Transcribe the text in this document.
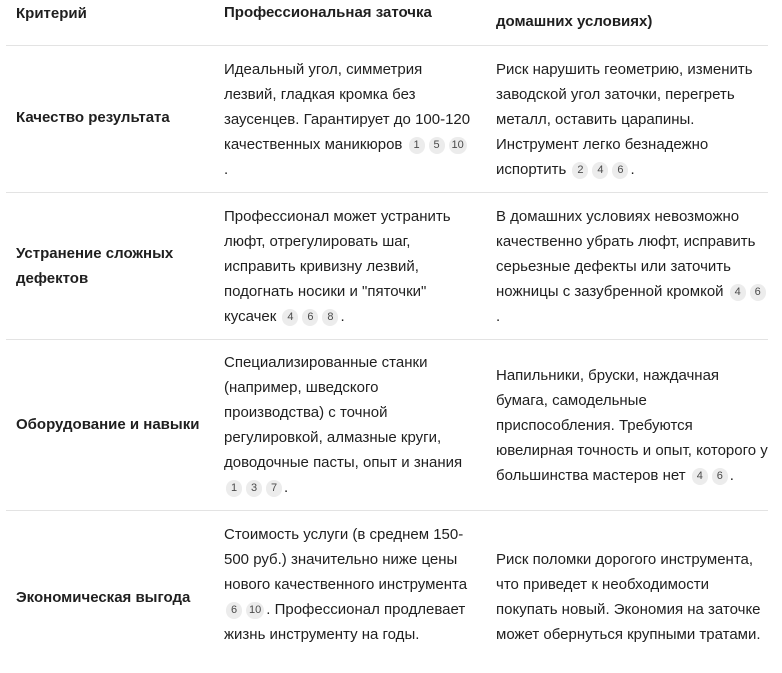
Критерий	Профессиональная заточка
домашних условиях)
Качество результата
Идеальный угол, симметрия лезвий, гладкая кромка без заусенцев. Гарантирует до 100-120 качественных маникюров 1 5 10.
Риск нарушить геометрию, изменить заводской угол заточки, перегреть металл, оставить царапины. Инструмент легко безнадежно испортить 2 4 6 .
Устранение сложных дефектов
Профессионал может устранить люфт, отрегулировать шаг, исправить кривизну лезвий, подогнать носики и "пяточки" кусачек 4 6 8 .
В домашних условиях невозможно качественно убрать люфт, исправить серьезные дефекты или заточить ножницы с зазубренной кромкой 4 6.
Оборудование и навыки
Специализированные станки (например, шведского производства) с точной регулировкой, алмазные круги, доводочные пасты, опыт и знания 1 3 7 .
Напильники, бруски, наждачная бумага, самодельные приспособления. Требуются ювелирная точность и опыт, которого у большинства мастеров нет 4 6 .
Экономическая выгода
Стоимость услуги (в среднем 150-500 руб.) значительно ниже цены нового качественного инструмента 6 10 . Профессионал продлевает жизнь инструменту на годы.
Риск поломки дорогого инструмента, что приведет к необходимости покупать новый. Экономия на заточке может обернуться крупными тратами.
